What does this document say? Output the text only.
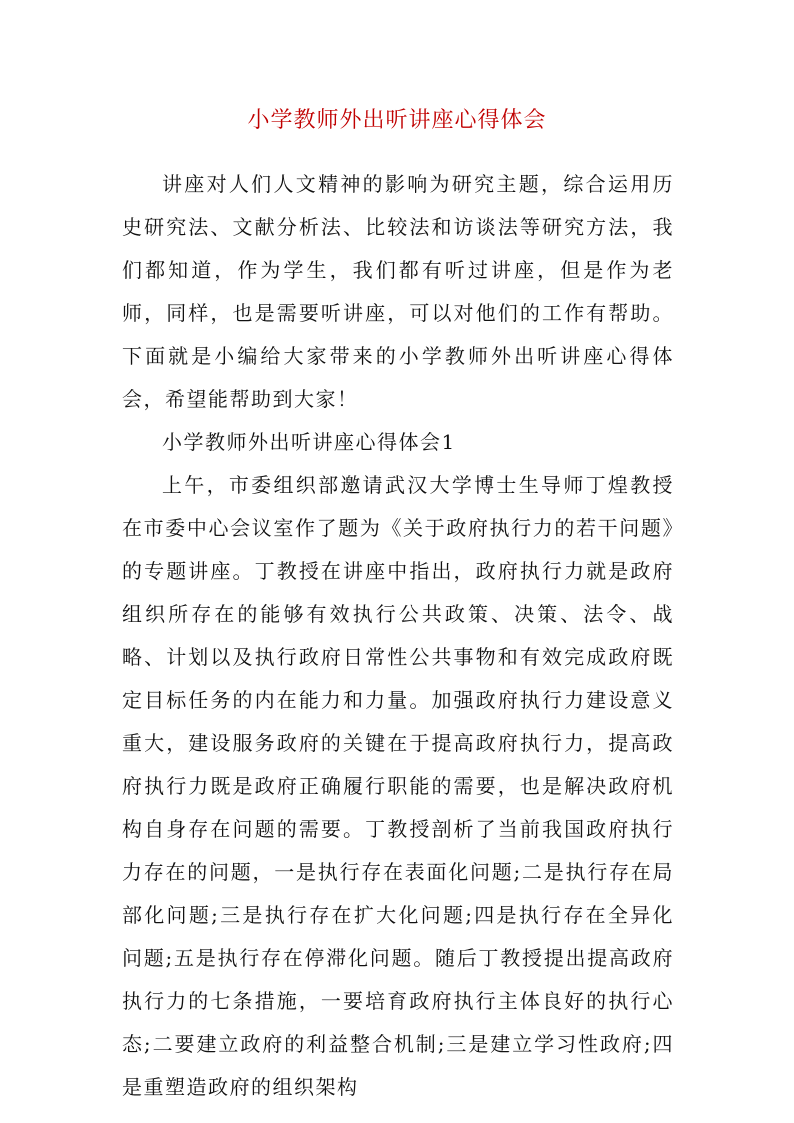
小学教师外出听讲座心得体会

讲座对人们人文精神的影响为研究主题，综合运用历史研究法、文献分析法、比较法和访谈法等研究方法，我们都知道，作为学生，我们都有听过讲座，但是作为老师，同样，也是需要听讲座，可以对他们的工作有帮助。下面就是小编给大家带来的小学教师外出听讲座心得体会，希望能帮助到大家！

小学教师外出听讲座心得体会1

上午，市委组织部邀请武汉大学博士生导师丁煌教授在市委中心会议室作了题为《关于政府执行力的若干问题》的专题讲座。丁教授在讲座中指出，政府执行力就是政府组织所存在的能够有效执行公共政策、决策、法令、战略、计划以及执行政府日常性公共事物和有效完成政府既定目标任务的内在能力和力量。加强政府执行力建设意义重大，建设服务政府的关键在于提高政府执行力，提高政府执行力既是政府正确履行职能的需要，也是解决政府机构自身存在问题的需要。丁教授剖析了当前我国政府执行力存在的问题，一是执行存在表面化问题;二是执行存在局部化问题;三是执行存在扩大化问题;四是执行存在全异化问题;五是执行存在停滞化问题。随后丁教授提出提高政府执行力的七条措施，一要培育政府执行主体良好的执行心态;二要建立政府的利益整合机制;三是建立学习性政府;四是重塑造政府的组织架构
